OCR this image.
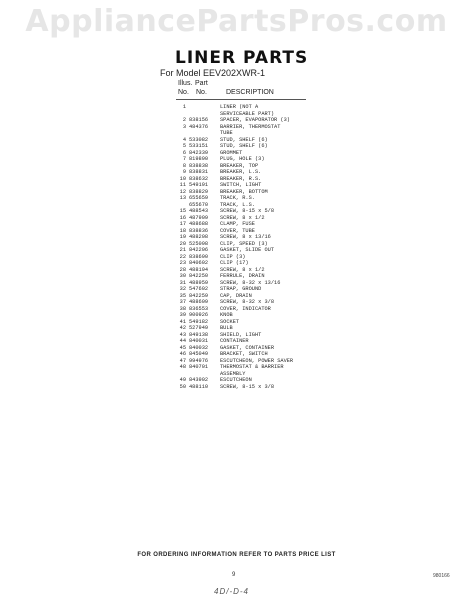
AppliancePartsPros.com
LINER PARTS
For Model EEV202XWR-1
Illus. Part
No. No.	DESCRIPTION
1	LINER (NOT A
SERVICEABLE PART)
2 838156	SPACER, EVAPORATOR (3)
3 484376	BARRIER, THERMOSTAT
TUBE
4 533082	STUD, SHELF (6)
5 533151	STUD, SHELF (6)
6 842339	GROMMET
7 819890	PLUG, HOLE (3)
8 838838	BREAKER, TOP
9 838831	BREAKER, L.S.
10 838632	BREAKER, R.S.
11 549191	SWITCH, LIGHT
12 838829	BREAKER, BOTTOM
13 655659	TRACK, R.S.
655670	TRACK, L.S.
15 488543	SCREW, 8-15 x 5/8
16 487909	SCREW, 8 x 1/2
17 488688	CLAMP, FUSE
18 838836	COVER, TUBE
19 488208	SCREW, 8 x 13/16
20 525098	CLIP, SPEED (3)
21 842206	GASKET, SLIDE OUT
22 838690	CLIP (3)
23 840602	CLIP (17)
28 488194	SCREW, 8 x 1/2
30 842250	FERRULE, DRAIN
31 488959	SCREW, 8-32 x 13/16
32 547602	STRAP, GROUND
35 842259	CAP, DRAIN
37 488609	SCREW, 8-32 x 3/8
38 836553	COVER, INDICATOR
39 900926	KNOB
41 549182	SOCKET
42 527949	BULB
43 849138	SHIELD, LIGHT
44 840031	CONTAINER
45 840032	GASKET, CONTAINER
46 845049	BRACKET, SWITCH
47 994976	ESCUTCHEON, POWER SAVER
48 840701	THERMOSTAT & BARRIER
ASSEMBLY
49 843902	ESCUTCHEON
50 488110	SCREW, 8-15 x 3/8
FOR ORDERING INFORMATION REFER TO PARTS PRICE LIST
9	980166
4D/-D-4
